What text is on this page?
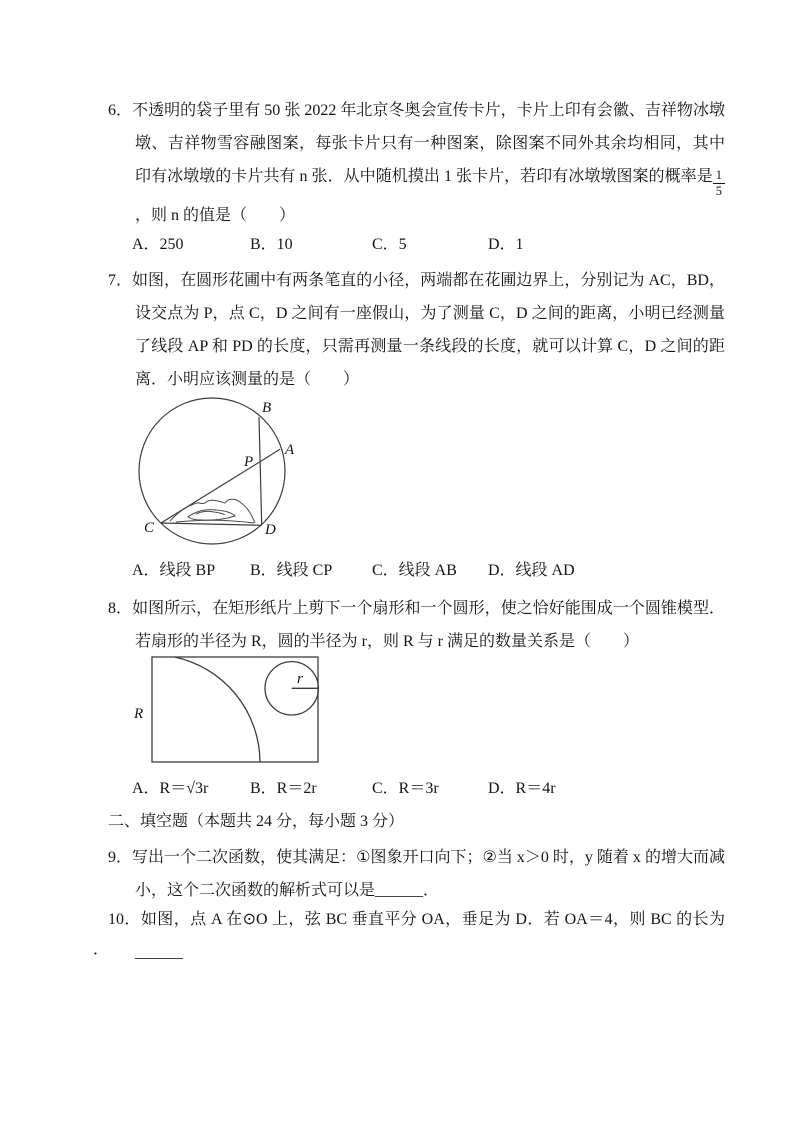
6．不透明的袋子里有 50 张 2022 年北京冬奥会宣传卡片，卡片上印有会徽、吉祥物冰墩墩、吉祥物雪容融图案，每张卡片只有一种图案，除图案不同外其余均相同，其中印有冰墩墩的卡片共有 n 张．从中随机摸出 1 张卡片，若印有冰墩墩图案的概率是 $\frac{1}{5}$
，则 n 的值是（　　）
A．250	B．10	C．5	D．1
7．如图，在圆形花圃中有两条笔直的小径，两端都在花圃边界上，分别记为 AC，BD，设交点为 P，点 C，D 之间有一座假山，为了测量 C，D 之间的距离，小明已经测量了线段 AP 和 PD 的长度，只需再测量一条线段的长度，就可以计算 C，D 之间的距离．小明应该测量的是（　　）
B
A
P
C	D
A．线段 BP B．线段 CP C．线段 AB D．线段 AD
8．如图所示，在矩形纸片上剪下一个扇形和一个圆形，使之恰好能围成一个圆锥模型．若扇形的半径为 R，圆的半径为 r，则 R 与 r 满足的数量关系是（　　）
R
r
A．R＝√3r	B．R＝2r	C．R＝3r	D．R＝4r
二、填空题（本题共 24 分，每小题 3 分）
9．写出一个二次函数，使其满足：①图象开口向下；②当 x＞0 时，y 随着 x 的增大而减小，这个二次函数的解析式可以是______．
10．如图，点 A 在⊙O 上，弦 BC 垂直平分 OA，垂足为 D．若 OA＝4，则 BC 的长为______
．
